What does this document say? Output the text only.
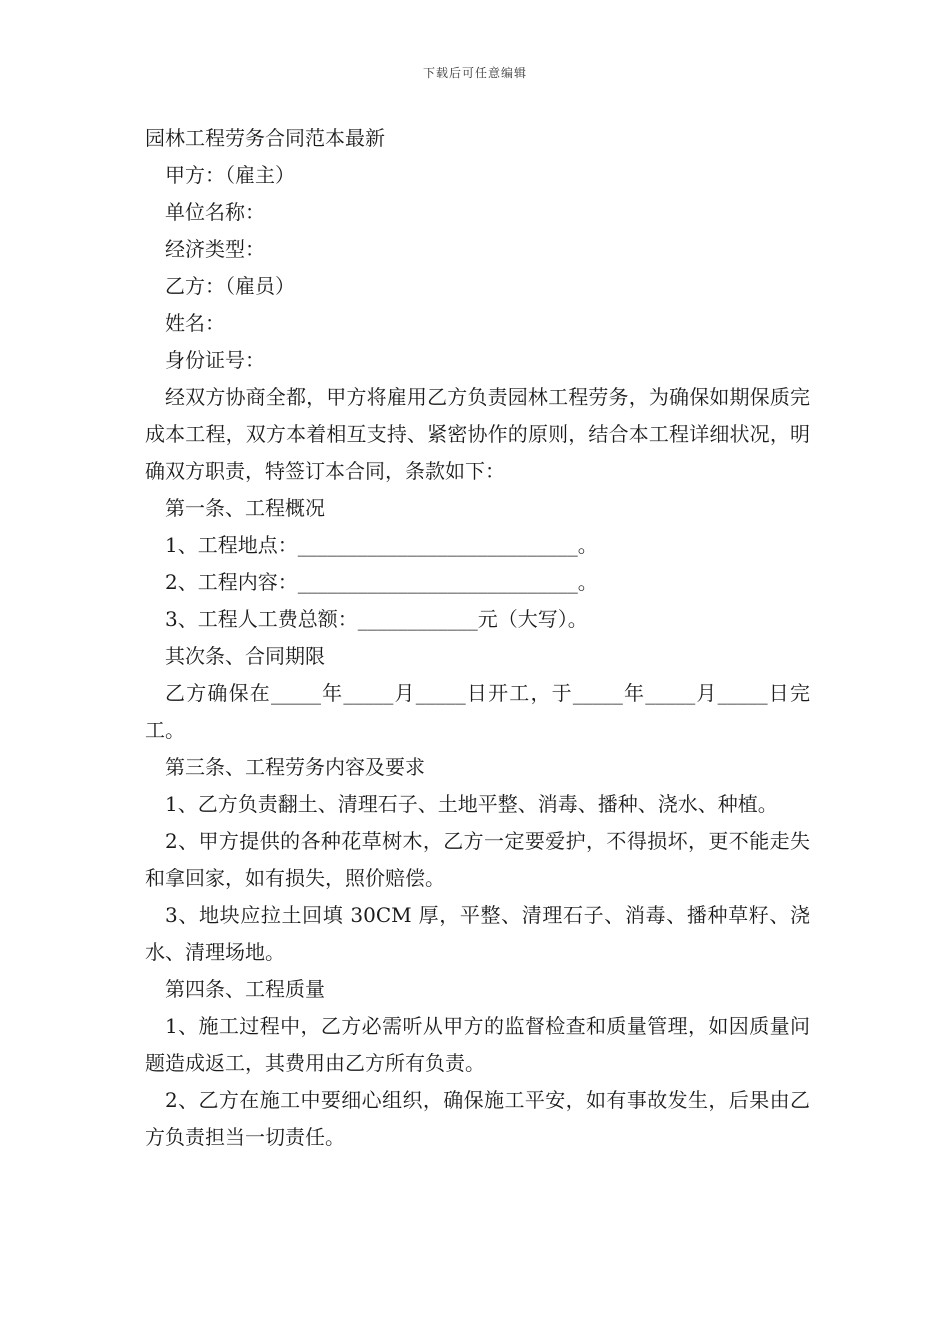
下载后可任意编辑

园林工程劳务合同范本最新

甲方：（雇主）

单位名称：

经济类型：

乙方：（雇员）

姓名：

身份证号：

经双方协商全都，甲方将雇用乙方负责园林工程劳务，为确保如期保质完成本工程，双方本着相互支持、紧密协作的原则，结合本工程详细状况，明确双方职责，特签订本合同，条款如下：

第一条、工程概况

1、工程地点：____________________________。

2、工程内容：____________________________。

3、工程人工费总额：____________元（大写）。

其次条、合同期限

乙方确保在_____年_____月_____日开工，于_____年_____月_____日完工。

第三条、工程劳务内容及要求

1、乙方负责翻土、清理石子、土地平整、消毒、播种、浇水、种植。

2、甲方提供的各种花草树木，乙方一定要爱护，不得损坏，更不能走失和拿回家，如有损失，照价赔偿。

3、地块应拉土回填 30CM 厚，平整、清理石子、消毒、播种草籽、浇水、清理场地。

第四条、工程质量

1、施工过程中，乙方必需听从甲方的监督检查和质量管理，如因质量问题造成返工，其费用由乙方所有负责。

2、乙方在施工中要细心组织，确保施工平安，如有事故发生，后果由乙方负责担当一切责任。
